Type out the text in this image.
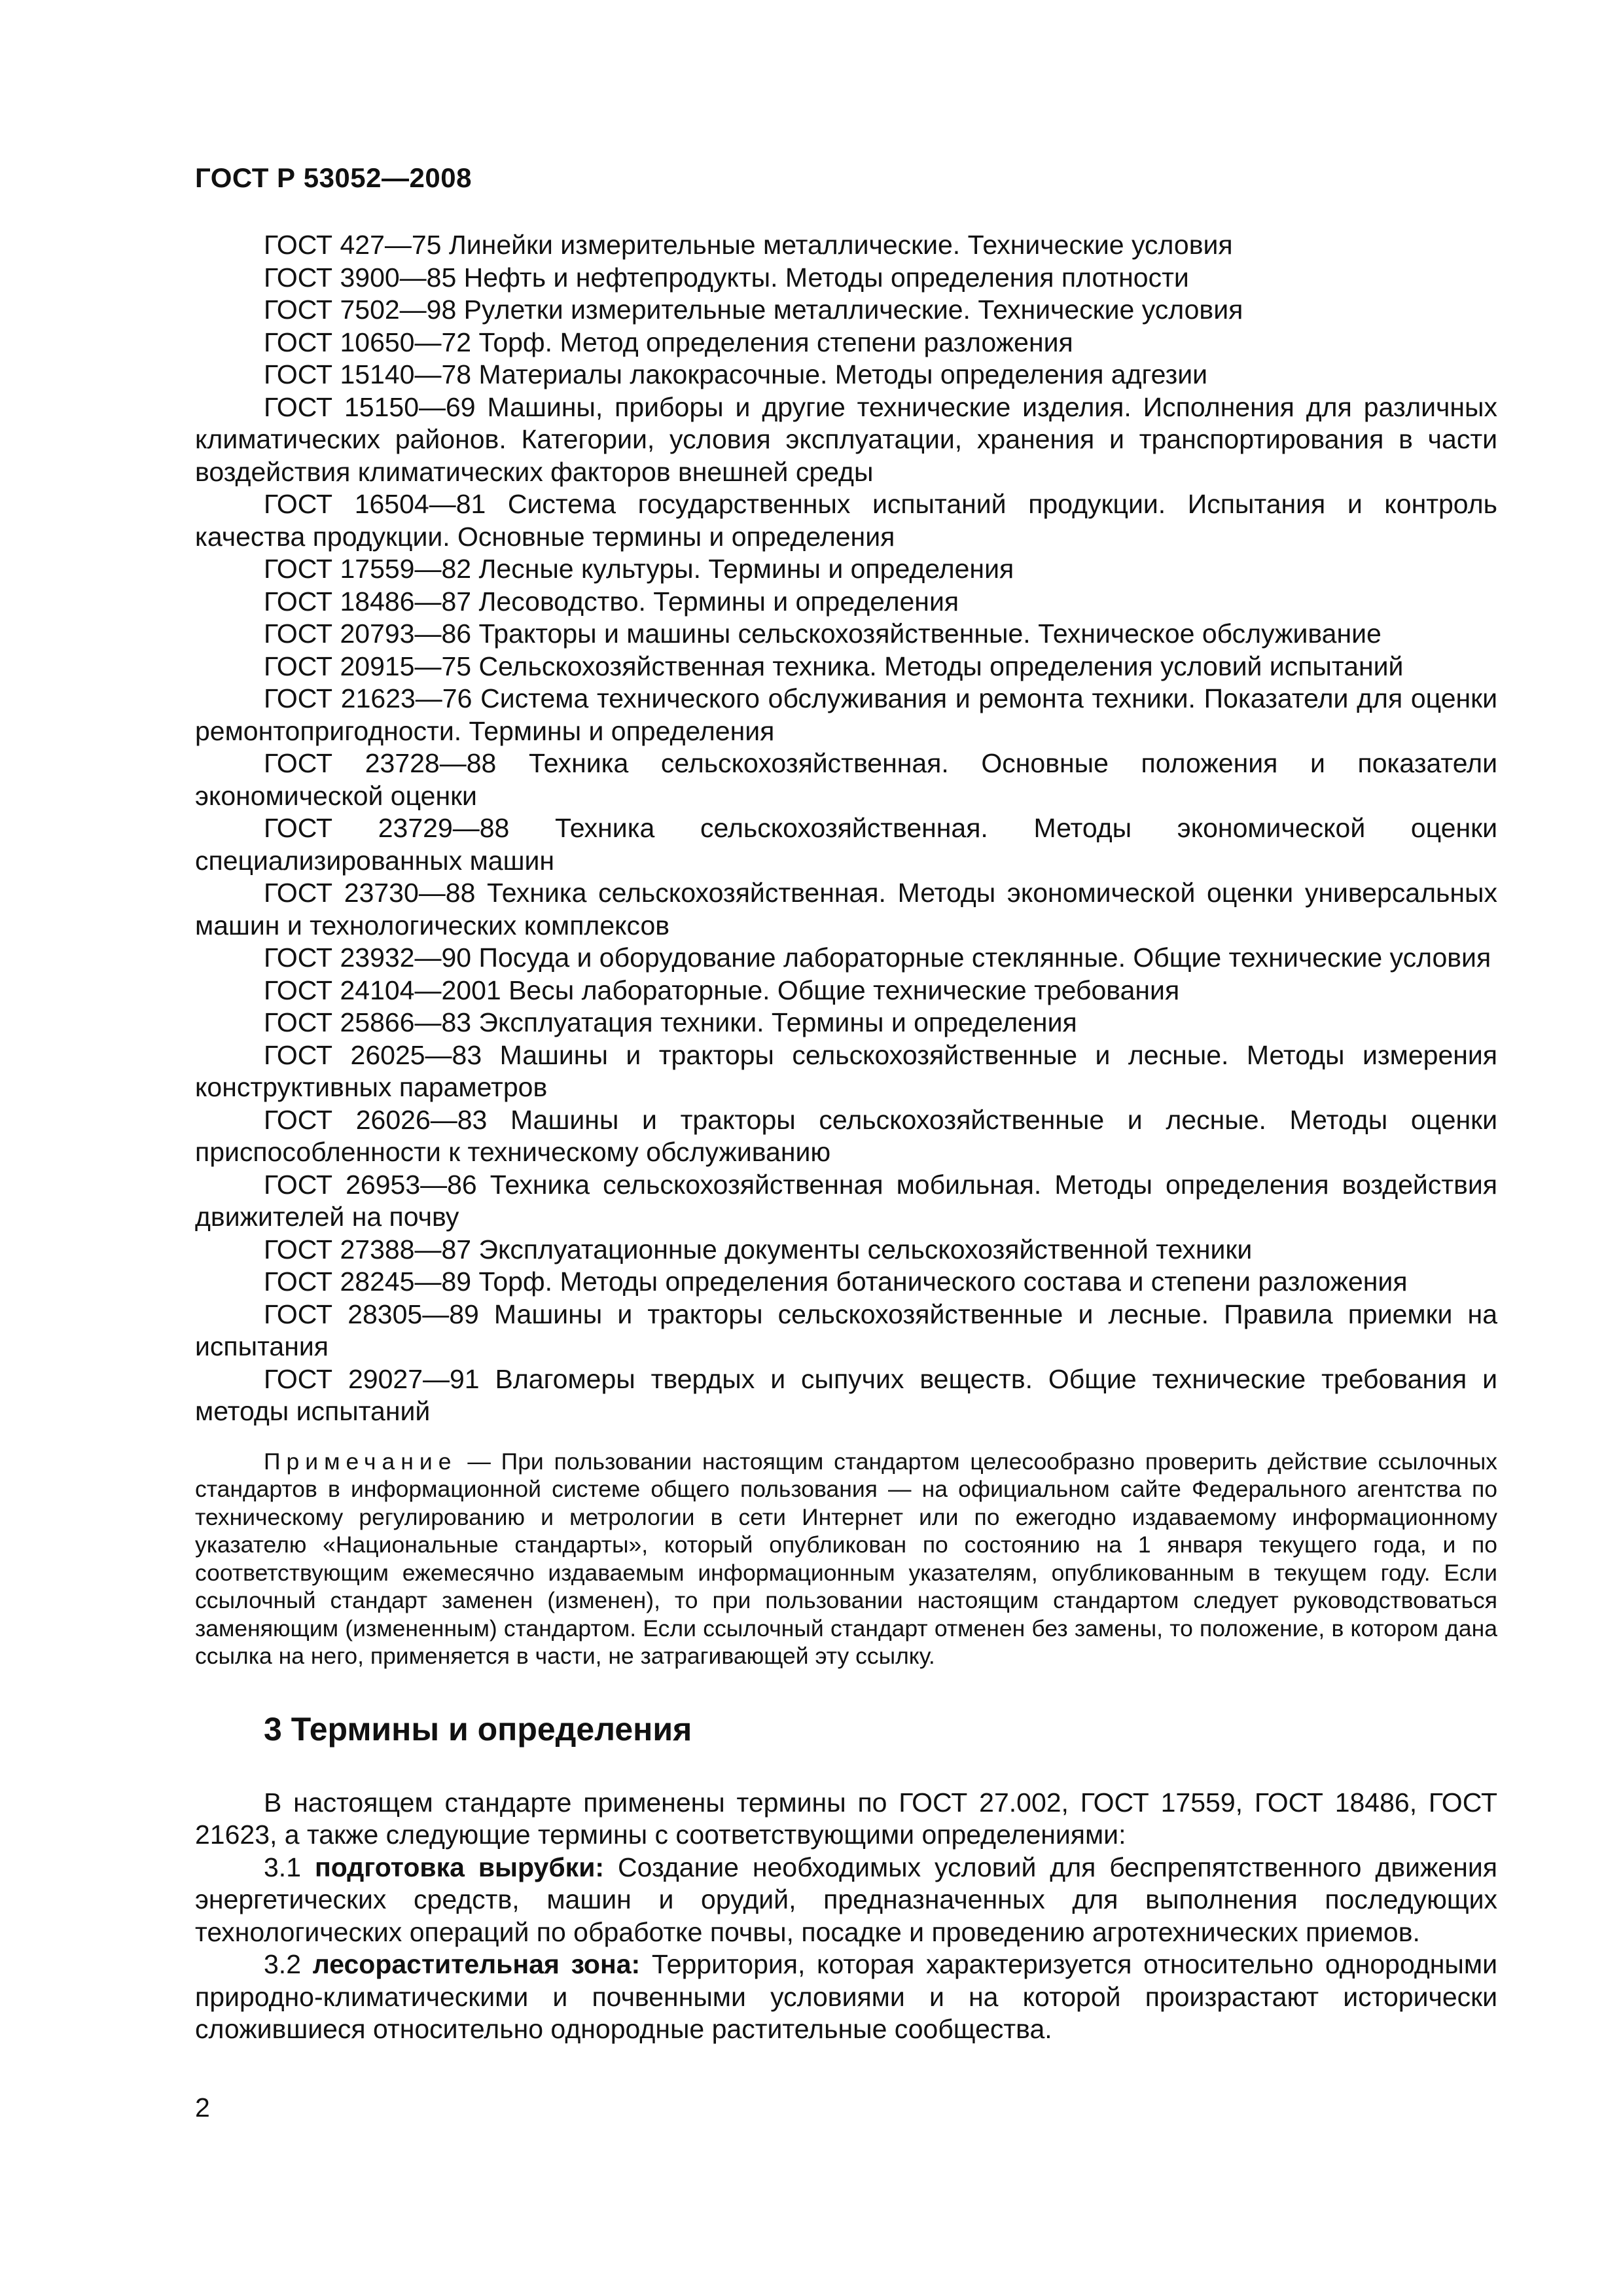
ГОСТ Р 53052—2008

ГОСТ 427—75 Линейки измерительные металлические. Технические условия

ГОСТ 3900—85 Нефть и нефтепродукты. Методы определения плотности

ГОСТ 7502—98 Рулетки измерительные металлические. Технические условия

ГОСТ 10650—72 Торф. Метод определения степени разложения

ГОСТ 15140—78 Материалы лакокрасочные. Методы определения адгезии

ГОСТ 15150—69 Машины, приборы и другие технические изделия. Исполнения для различных климатических районов. Категории, условия эксплуатации, хранения и транспортирования в части воздействия климатических факторов внешней среды

ГОСТ 16504—81 Система государственных испытаний продукции. Испытания и контроль качества продукции. Основные термины и определения

ГОСТ 17559—82 Лесные культуры. Термины и определения

ГОСТ 18486—87 Лесоводство. Термины и определения

ГОСТ 20793—86 Тракторы и машины сельскохозяйственные. Техническое обслуживание

ГОСТ 20915—75 Сельскохозяйственная техника. Методы определения условий испытаний

ГОСТ 21623—76 Система технического обслуживания и ремонта техники. Показатели для оценки ремонтопригодности. Термины и определения

ГОСТ 23728—88 Техника сельскохозяйственная. Основные положения и показатели экономической оценки

ГОСТ 23729—88 Техника сельскохозяйственная. Методы экономической оценки специализированных машин

ГОСТ 23730—88 Техника сельскохозяйственная. Методы экономической оценки универсальных машин и технологических комплексов

ГОСТ 23932—90 Посуда и оборудование лабораторные стеклянные. Общие технические условия

ГОСТ 24104—2001 Весы лабораторные. Общие технические требования

ГОСТ 25866—83 Эксплуатация техники. Термины и определения

ГОСТ 26025—83 Машины и тракторы сельскохозяйственные и лесные. Методы измерения конструктивных параметров

ГОСТ 26026—83 Машины и тракторы сельскохозяйственные и лесные. Методы оценки приспособленности к техническому обслуживанию

ГОСТ 26953—86 Техника сельскохозяйственная мобильная. Методы определения воздействия движителей на почву

ГОСТ 27388—87 Эксплуатационные документы сельскохозяйственной техники

ГОСТ 28245—89 Торф. Методы определения ботанического состава и степени разложения

ГОСТ 28305—89 Машины и тракторы сельскохозяйственные и лесные. Правила приемки на испытания

ГОСТ 29027—91 Влагомеры твердых и сыпучих веществ. Общие технические требования и методы испытаний

Примечание — При пользовании настоящим стандартом целесообразно проверить действие ссылочных стандартов в информационной системе общего пользования — на официальном сайте Федерального агентства по техническому регулированию и метрологии в сети Интернет или по ежегодно издаваемому информационному указателю «Национальные стандарты», который опубликован по состоянию на 1 января текущего года, и по соответствующим ежемесячно издаваемым информационным указателям, опубликованным в текущем году. Если ссылочный стандарт заменен (изменен), то при пользовании настоящим стандартом следует руководствоваться заменяющим (измененным) стандартом. Если ссылочный стандарт отменен без замены, то положение, в котором дана ссылка на него, применяется в части, не затрагивающей эту ссылку.

3 Термины и определения

В настоящем стандарте применены термины по ГОСТ 27.002, ГОСТ 17559, ГОСТ 18486, ГОСТ 21623, а также следующие термины с соответствующими определениями:

3.1 подготовка вырубки: Создание необходимых условий для беспрепятственного движения энергетических средств, машин и орудий, предназначенных для выполнения последующих технологических операций по обработке почвы, посадке и проведению агротехнических приемов.

3.2 лесорастительная зона: Территория, которая характеризуется относительно однородными природно-климатическими и почвенными условиями и на которой произрастают исторически сложившиеся относительно однородные растительные сообщества.

2
